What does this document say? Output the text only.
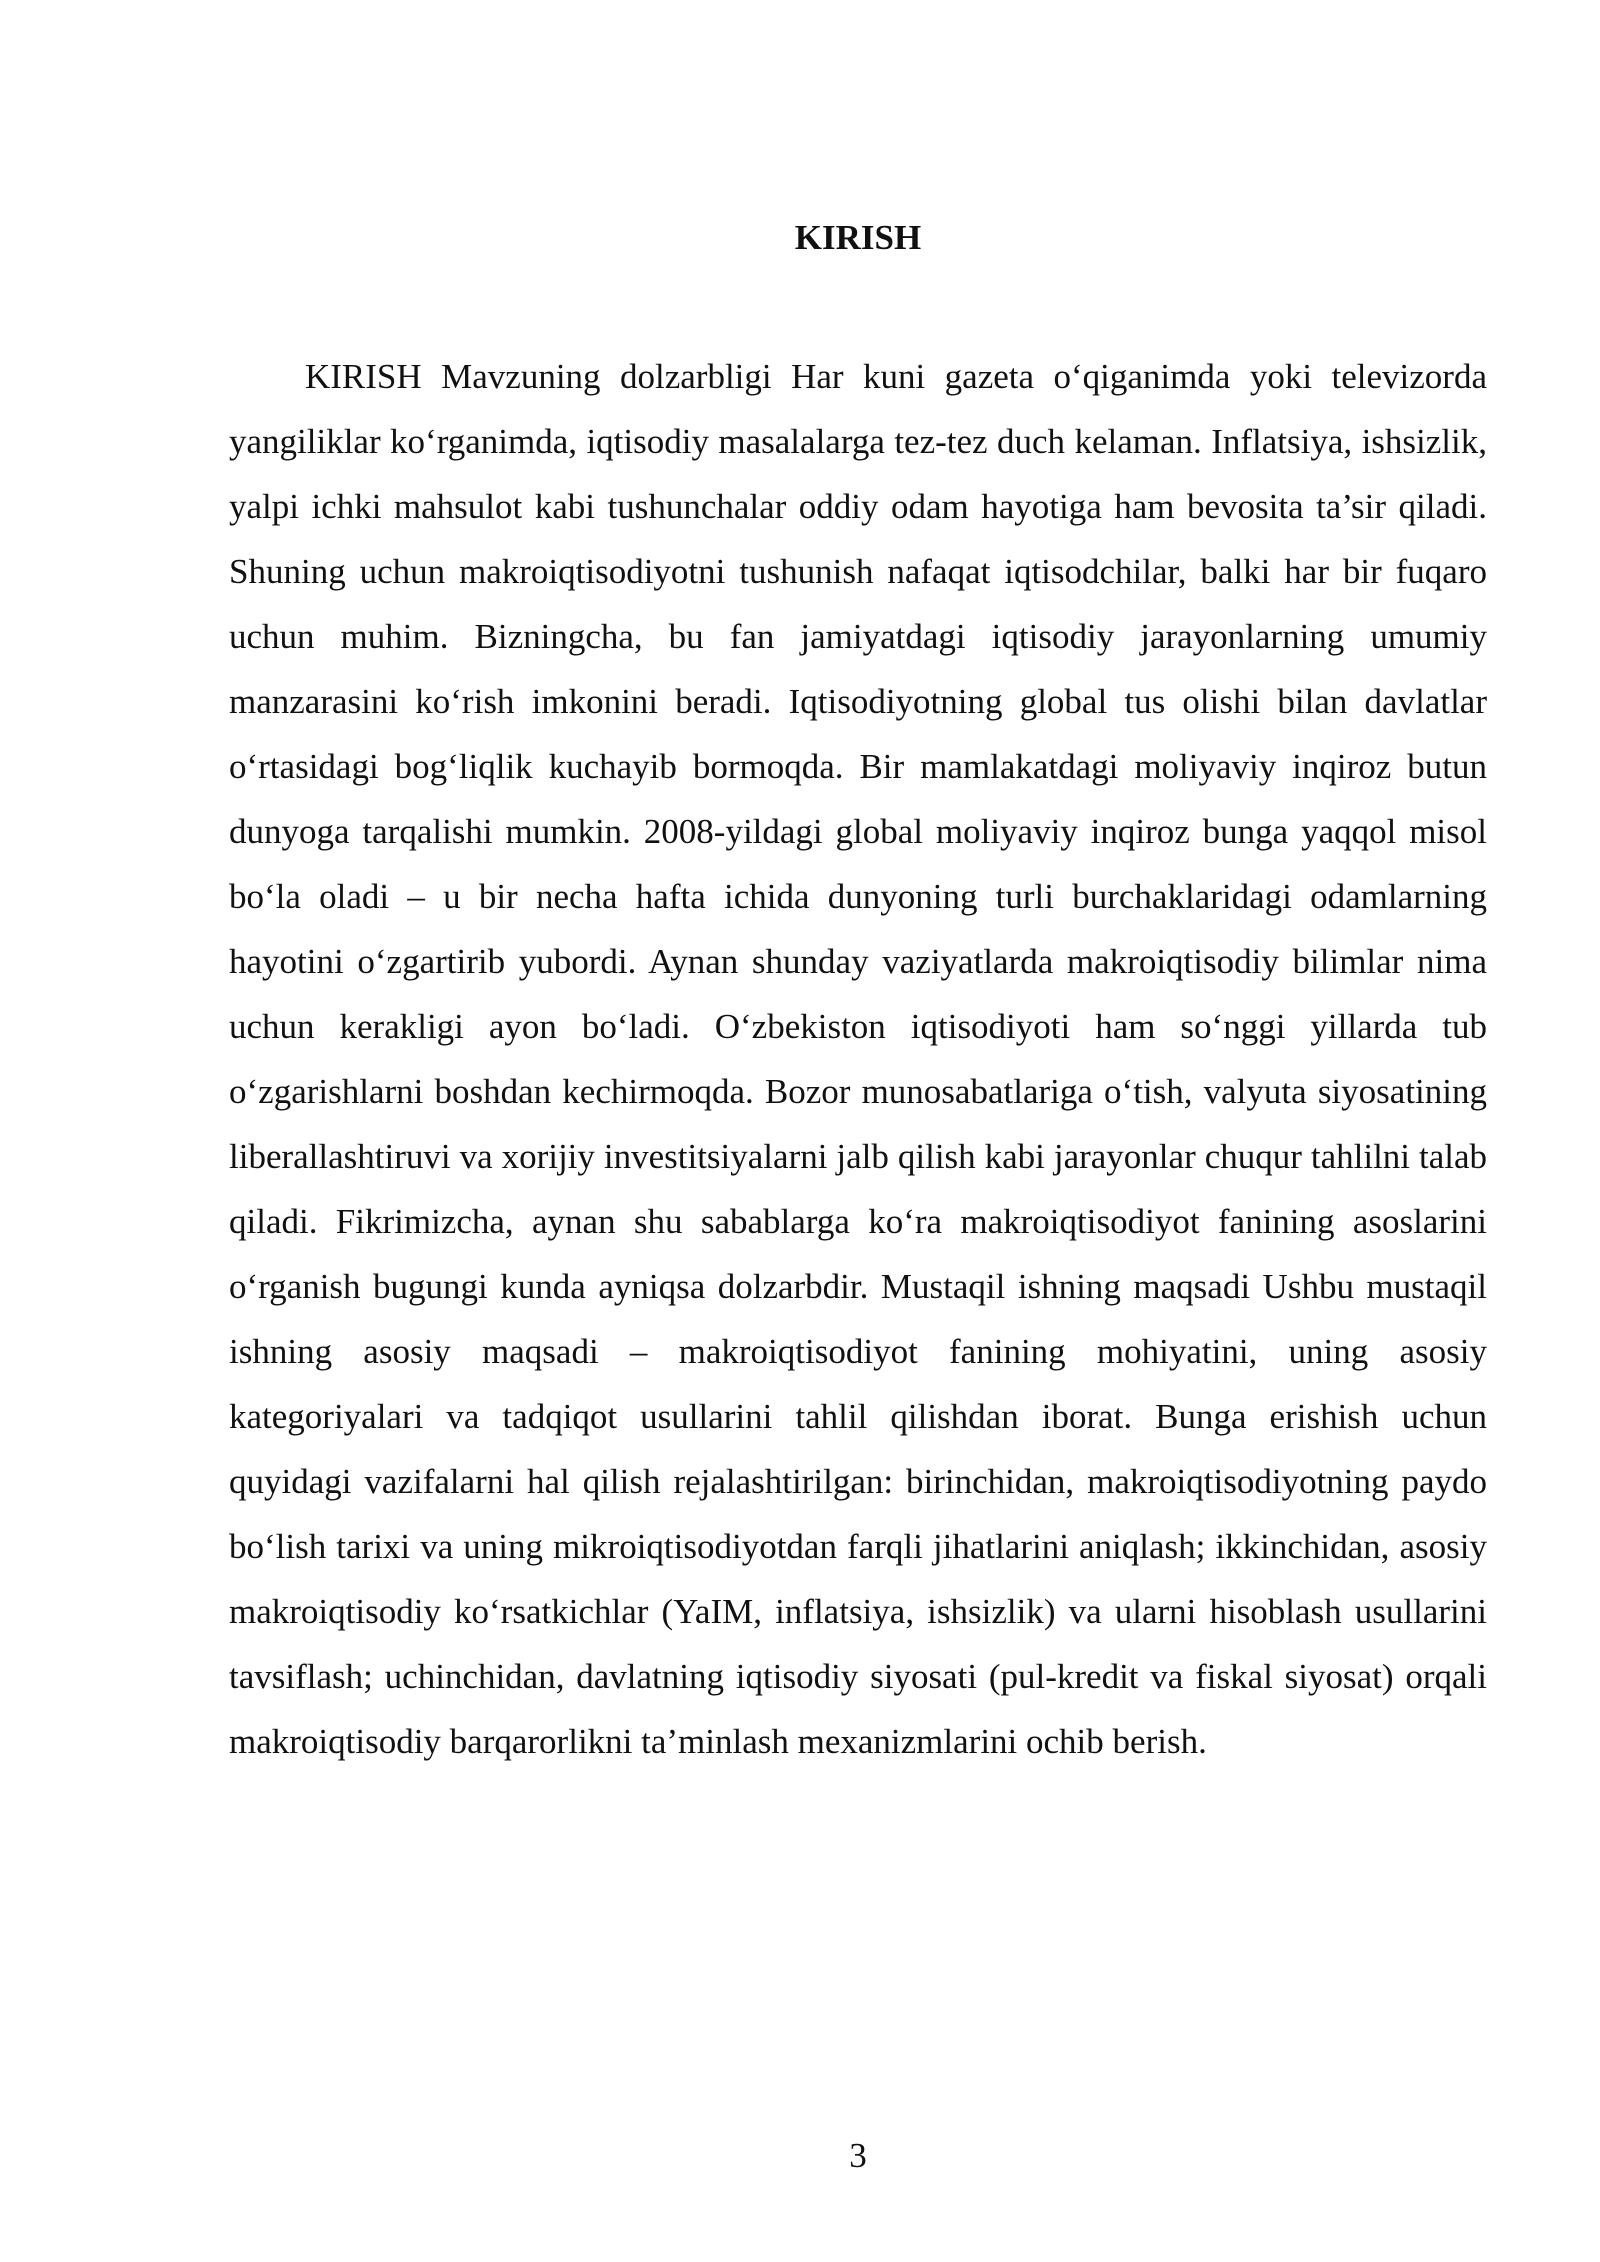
KIRISH

KIRISH Mavzuning dolzarbligi Har kuni gazeta o‘qiganimda yoki televizorda yangiliklar ko‘rganimda, iqtisodiy masalalarga tez-tez duch kelaman. Inflatsiya, ishsizlik, yalpi ichki mahsulot kabi tushunchalar oddiy odam hayotiga ham bevosita ta’sir qiladi. Shuning uchun makroiqtisodiyotni tushunish nafaqat iqtisodchilar, balki har bir fuqaro uchun muhim. Bizningcha, bu fan jamiyatdagi iqtisodiy jarayonlarning umumiy manzarasini ko‘rish imkonini beradi. Iqtisodiyotning global tus olishi bilan davlatlar o‘rtasidagi bog‘liqlik kuchayib bormoqda. Bir mamlakatdagi moliyaviy inqiroz butun dunyoga tarqalishi mumkin. 2008-yildagi global moliyaviy inqiroz bunga yaqqol misol bo‘la oladi – u bir necha hafta ichida dunyoning turli burchaklaridagi odamlarning hayotini o‘zgartirib yubordi. Aynan shunday vaziyatlarda makroiqtisodiy bilimlar nima uchun kerakligi ayon bo‘ladi. O‘zbekiston iqtisodiyoti ham so‘nggi yillarda tub o‘zgarishlarni boshdan kechirmoqda. Bozor munosabatlariga o‘tish, valyuta siyosatining liberallashtiruvi va xorijiy investitsiyalarni jalb qilish kabi jarayonlar chuqur tahlilni talab qiladi. Fikrimizcha, aynan shu sabablarga ko‘ra makroiqtisodiyot fanining asoslarini o‘rganish bugungi kunda ayniqsa dolzarbdir. Mustaqil ishning maqsadi Ushbu mustaqil ishning asosiy maqsadi – makroiqtisodiyot fanining mohiyatini, uning asosiy kategoriyalari va tadqiqot usullarini tahlil qilishdan iborat. Bunga erishish uchun quyidagi vazifalarni hal qilish rejalashtirilgan: birinchidan, makroiqtisodiyotning paydo bo‘lish tarixi va uning mikroiqtisodiyotdan farqli jihatlarini aniqlash; ikkinchidan, asosiy makroiqtisodiy ko‘rsatkichlar (YaIM, inflatsiya, ishsizlik) va ularni hisoblash usullarini tavsiflash; uchinchidan, davlatning iqtisodiy siyosati (pul-kredit va fiskal siyosat) orqali makroiqtisodiy barqarorlikni ta’minlash mexanizmlarini ochib berish.

3
